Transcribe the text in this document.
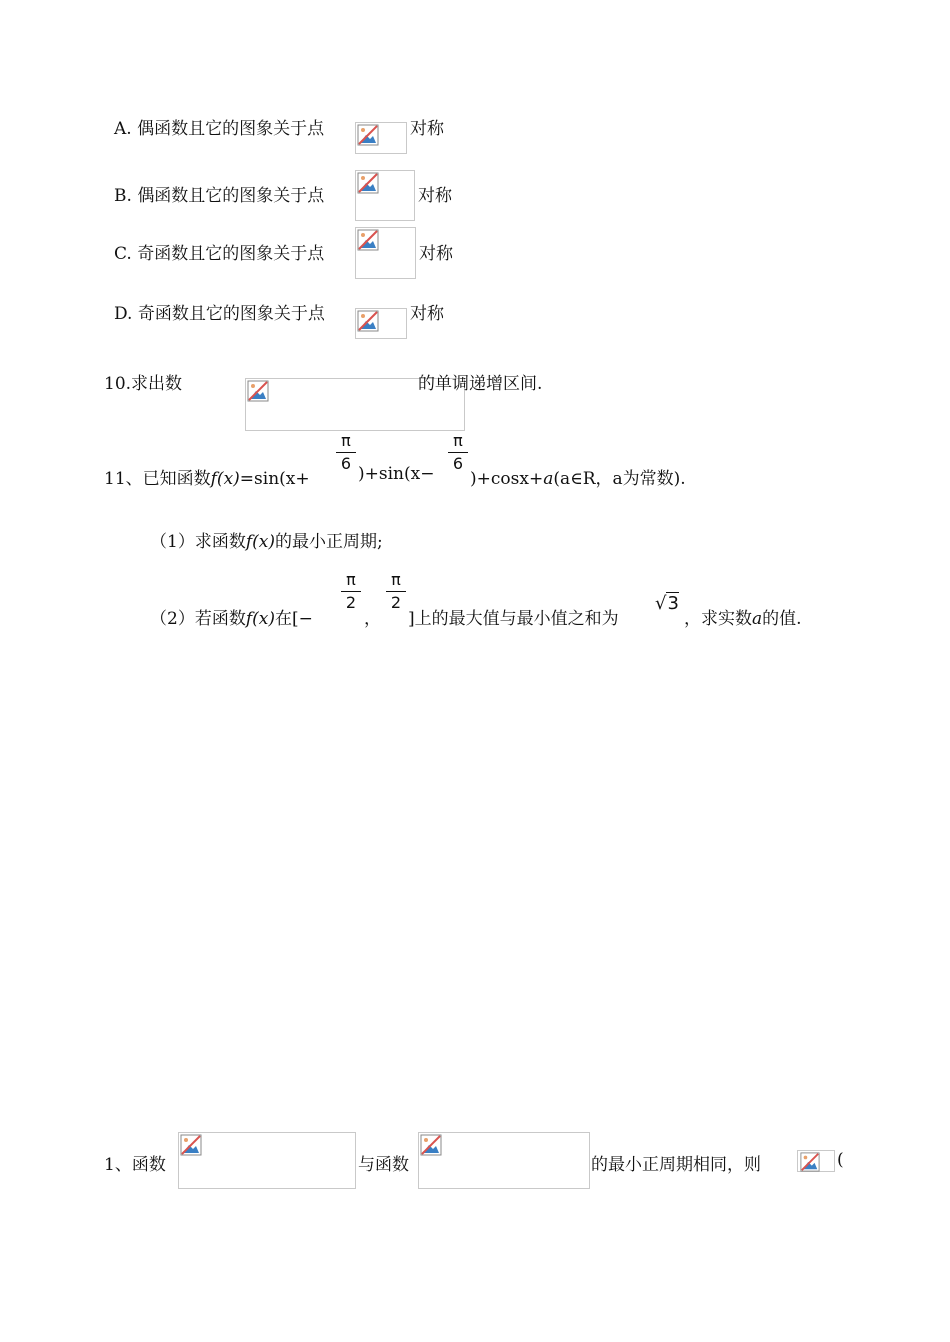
A. 偶函数且它的图象关于点	对称
B. 偶函数且它的图象关于点	对称
C. 奇函数且它的图象关于点	对称
D. 奇函数且它的图象关于点	对称
10.求出数	的单调递增区间.
11、已知函数f(x)=sin(x+
π
6
)+sin(x−
π
6
)+cosx+a(a∈R，a为常数).
（1）求函数f(x)的最小正周期;
（2）若函数f(x)在[−
π
2
，
π
2
]上的最大值与最小值之和为
√3
，求实数a的值.
1、函数	与函数	的最小正周期相同，则	(
